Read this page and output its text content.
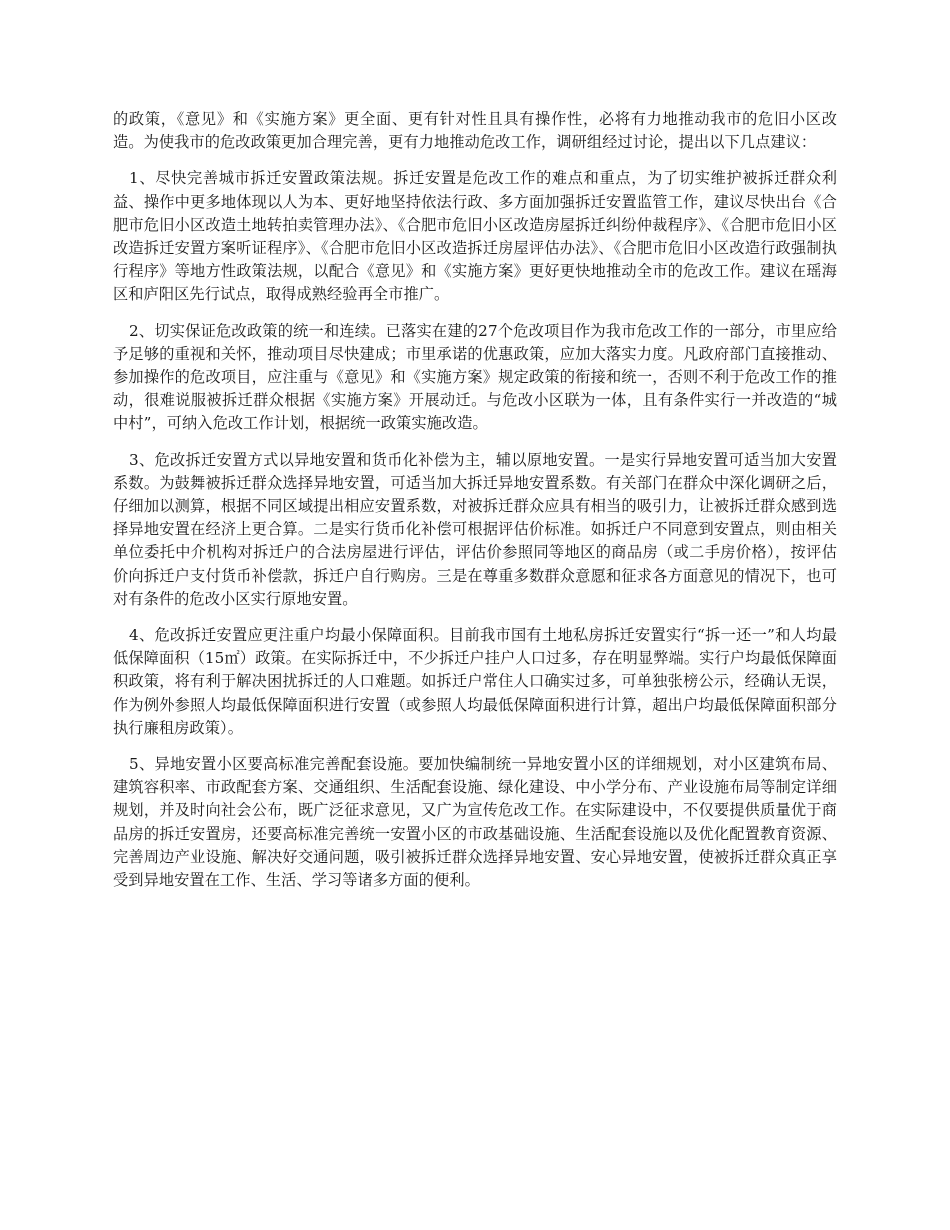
的政策，《意见》和《实施方案》更全面、更有针对性且具有操作性，必将有力地推动我市的危旧小区改造。为使我市的危改政策更加合理完善，更有力地推动危改工作，调研组经过讨论，提出以下几点建议：

1、尽快完善城市拆迁安置政策法规。拆迁安置是危改工作的难点和重点，为了切实维护被拆迁群众利益、操作中更多地体现以人为本、更好地坚持依法行政、多方面加强拆迁安置监管工作，建议尽快出台《合肥市危旧小区改造土地转拍卖管理办法》、《合肥市危旧小区改造房屋拆迁纠纷仲裁程序》、《合肥市危旧小区改造拆迁安置方案听证程序》、《合肥市危旧小区改造拆迁房屋评估办法》、《合肥市危旧小区改造行政强制执行程序》等地方性政策法规，以配合《意见》和《实施方案》更好更快地推动全市的危改工作。建议在瑶海区和庐阳区先行试点，取得成熟经验再全市推广。

2、切实保证危改政策的统一和连续。已落实在建的27个危改项目作为我市危改工作的一部分，市里应给予足够的重视和关怀，推动项目尽快建成；市里承诺的优惠政策，应加大落实力度。凡政府部门直接推动、参加操作的危改项目，应注重与《意见》和《实施方案》规定政策的衔接和统一，否则不利于危改工作的推动，很难说服被拆迁群众根据《实施方案》开展动迁。与危改小区联为一体，且有条件实行一并改造的“城中村”，可纳入危改工作计划，根据统一政策实施改造。

3、危改拆迁安置方式以异地安置和货币化补偿为主，辅以原地安置。一是实行异地安置可适当加大安置系数。为鼓舞被拆迁群众选择异地安置，可适当加大拆迁异地安置系数。有关部门在群众中深化调研之后，仔细加以测算，根据不同区域提出相应安置系数，对被拆迁群众应具有相当的吸引力，让被拆迁群众感到选择异地安置在经济上更合算。二是实行货币化补偿可根据评估价标准。如拆迁户不同意到安置点，则由相关单位委托中介机构对拆迁户的合法房屋进行评估，评估价参照同等地区的商品房（或二手房价格），按评估价向拆迁户支付货币补偿款，拆迁户自行购房。三是在尊重多数群众意愿和征求各方面意见的情况下，也可对有条件的危改小区实行原地安置。

4、危改拆迁安置应更注重户均最小保障面积。目前我市国有土地私房拆迁安置实行“拆一还一”和人均最低保障面积（15㎡）政策。在实际拆迁中，不少拆迁户挂户人口过多，存在明显弊端。实行户均最低保障面积政策，将有利于解决困扰拆迁的人口难题。如拆迁户常住人口确实过多，可单独张榜公示，经确认无误，作为例外参照人均最低保障面积进行安置（或参照人均最低保障面积进行计算，超出户均最低保障面积部分执行廉租房政策）。

5、异地安置小区要高标准完善配套设施。要加快编制统一异地安置小区的详细规划，对小区建筑布局、建筑容积率、市政配套方案、交通组织、生活配套设施、绿化建设、中小学分布、产业设施布局等制定详细规划，并及时向社会公布，既广泛征求意见，又广为宣传危改工作。在实际建设中，不仅要提供质量优于商品房的拆迁安置房，还要高标准完善统一安置小区的市政基础设施、生活配套设施以及优化配置教育资源、完善周边产业设施、解决好交通问题，吸引被拆迁群众选择异地安置、安心异地安置，使被拆迁群众真正享受到异地安置在工作、生活、学习等诸多方面的便利。
